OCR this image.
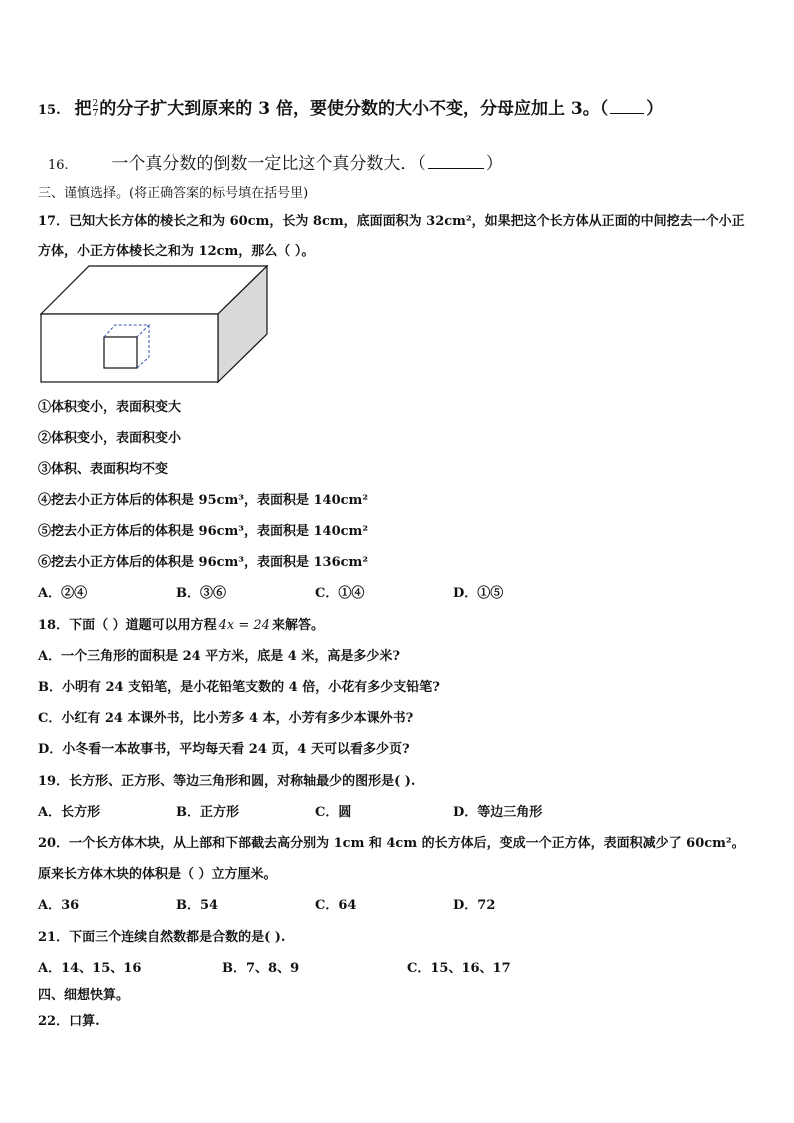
15. 把 $\frac{2}{7}$ 的分子扩大到原来的 3 倍，要使分数的大小不变，分母应加上 3。（ ）
16.	一个真分数的倒数一定比这个真分数大．（	）
三、谨慎选择。(将正确答案的标号填在括号里)
17．已知大长方体的棱长之和为 60cm，长为 8cm，底面面积为 32cm²，如果把这个长方体从正面的中间挖去一个小正
方体，小正方体棱长之和为 12cm，那么（ ）。
①体积变小，表面积变大
②体积变小，表面积变小
③体积、表面积均不变
④挖去小正方体后的体积是 95cm³，表面积是 140cm²
⑤挖去小正方体后的体积是 96cm³，表面积是 140cm²
⑥挖去小正方体后的体积是 96cm³，表面积是 136cm²
A．②④	B．③⑥	C．①④	D．①⑤
18．下面（ ）道题可以用方程 4x = 24 来解答。
A．一个三角形的面积是 24 平方米，底是 4 米，高是多少米?
B．小明有 24 支铅笔，是小花铅笔支数的 4 倍，小花有多少支铅笔?
C．小红有 24 本课外书，比小芳多 4 本，小芳有多少本课外书?
D．小冬看一本故事书，平均每天看 24 页，4 天可以看多少页?
19．长方形、正方形、等边三角形和圆，对称轴最少的图形是( ).
A．长方形	B．正方形	C．圆	D．等边三角形
20．一个长方体木块，从上部和下部截去高分别为 1cm 和 4cm 的长方体后，变成一个正方体，表面积减少了 60cm²。
原来长方体木块的体积是（ ）立方厘米。
A．36	B．54	C．64	D．72
21．下面三个连续自然数都是合数的是( ).
A．14、15、16	B．7、8、9	C．15、16、17
四、细想快算。
22．口算.
